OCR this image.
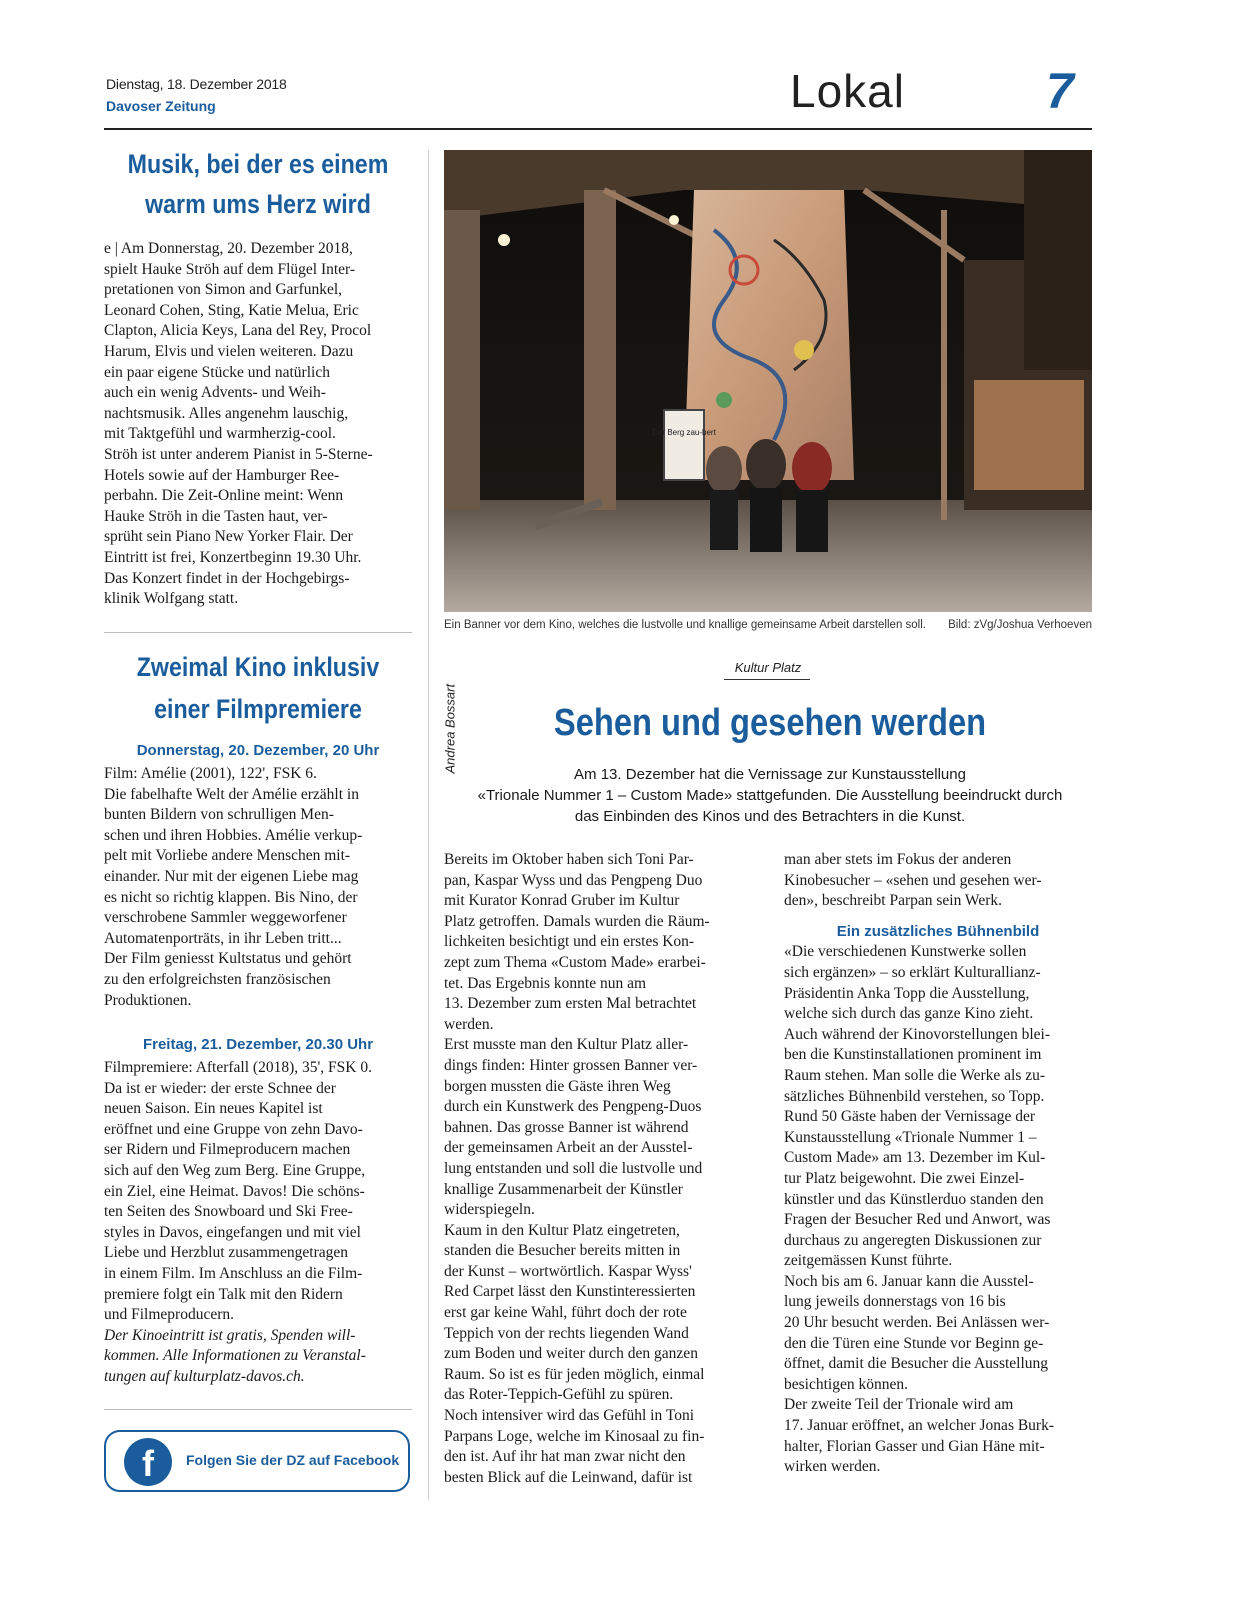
Dienstag, 18. Dezember 2018
Davoser Zeitung	Lokal	7
Musik, bei der es einem
warm ums Herz wird

e | Am Donnerstag, 20. Dezember 2018,

spielt Hauke Ströh auf dem Flügel Inter-

pretationen von Simon and Garfunkel,

Leonard Cohen, Sting, Katie Melua, Eric

Clapton, Alicia Keys, Lana del Rey, Procol

Harum, Elvis und vielen weiteren. Dazu

ein paar eigene Stücke und natürlich

auch ein wenig Advents- und Weih-

nachtsmusik. Alles angenehm lauschig,

mit Taktgefühl und warmherzig-cool.

Ströh ist unter anderem Pianist in 5-Sterne-

Hotels sowie auf der Hamburger Ree-

perbahn. Die Zeit-Online meint: Wenn

Hauke Ströh in die Tasten haut, ver-

sprüht sein Piano New Yorker Flair. Der

Eintritt ist frei, Konzertbeginn 19.30 Uhr.

Das Konzert findet in der Hochgebirgs-

klinik Wolfgang statt.

Zweimal Kino inklusiv
einer Filmpremiere
Donnerstag, 20. Dezember, 20 Uhr

Film: Amélie (2001), 122', FSK 6.

Die fabelhafte Welt der Amélie erzählt in

bunten Bildern von schrulligen Men-

schen und ihren Hobbies. Amélie verkup-

pelt mit Vorliebe andere Menschen mit-

einander. Nur mit der eigenen Liebe mag

es nicht so richtig klappen. Bis Nino, der

verschrobene Sammler weggeworfener

Automatenporträts, in ihr Leben tritt...

Der Film geniesst Kultstatus und gehört

zu den erfolgreichsten französischen

Produktionen.

Freitag, 21. Dezember, 20.30 Uhr

Filmpremiere: Afterfall (2018), 35', FSK 0.

Da ist er wieder: der erste Schnee der

neuen Saison. Ein neues Kapitel ist

eröffnet und eine Gruppe von zehn Davo-

ser Ridern und Filmeproducern machen

sich auf den Weg zum Berg. Eine Gruppe,

ein Ziel, eine Heimat. Davos! Die schöns-

ten Seiten des Snowboard und Ski Free-

styles in Davos, eingefangen und mit viel

Liebe und Herzblut zusammengetragen

in einem Film. Im Anschluss an die Film-

premiere folgt ein Talk mit den Ridern

und Filmeproducern.

Der Kinoeintritt ist gratis, Spenden will-

kommen. Alle Informationen zu Veranstal-

tungen auf kulturplatz-davos.ch.

f	Folgen Sie der DZ auf Facebook
Der Berg zau-bert
Ein Banner vor dem Kino, welches die lustvolle und knallige gemeinsame Arbeit darstellen soll.	Bild: zVg/Joshua Verhoeven
Andrea Bossart
Kultur Platz
Sehen und gesehen werden

Am 13. Dezember hat die Vernissage zur Kunstausstellung

«Trionale Nummer 1 – Custom Made» stattgefunden. Die Ausstellung beeindruckt durch

das Einbinden des Kinos und des Betrachters in die Kunst.

Bereits im Oktober haben sich Toni Par-

pan, Kaspar Wyss und das Pengpeng Duo

mit Kurator Konrad Gruber im Kultur

Platz getroffen. Damals wurden die Räum-

lichkeiten besichtigt und ein erstes Kon-

zept zum Thema «Custom Made» erarbei-

tet. Das Ergebnis konnte nun am

13. Dezember zum ersten Mal betrachtet

werden.

Erst musste man den Kultur Platz aller-

dings finden: Hinter grossen Banner ver-

borgen mussten die Gäste ihren Weg

durch ein Kunstwerk des Pengpeng-Duos

bahnen. Das grosse Banner ist während

der gemeinsamen Arbeit an der Ausstel-

lung entstanden und soll die lustvolle und

knallige Zusammenarbeit der Künstler

widerspiegeln.

Kaum in den Kultur Platz eingetreten,

standen die Besucher bereits mitten in

der Kunst – wortwörtlich. Kaspar Wyss'

Red Carpet lässt den Kunstinteressierten

erst gar keine Wahl, führt doch der rote

Teppich von der rechts liegenden Wand

zum Boden und weiter durch den ganzen

Raum. So ist es für jeden möglich, einmal

das Roter-Teppich-Gefühl zu spüren.

Noch intensiver wird das Gefühl in Toni

Parpans Loge, welche im Kinosaal zu fin-

den ist. Auf ihr hat man zwar nicht den

besten Blick auf die Leinwand, dafür ist

man aber stets im Fokus der anderen

Kinobesucher – «sehen und gesehen wer-

den», beschreibt Parpan sein Werk.

Ein zusätzliches Bühnenbild

«Die verschiedenen Kunstwerke sollen

sich ergänzen» – so erklärt Kulturallianz-

Präsidentin Anka Topp die Ausstellung,

welche sich durch das ganze Kino zieht.

Auch während der Kinovorstellungen blei-

ben die Kunstinstallationen prominent im

Raum stehen. Man solle die Werke als zu-

sätzliches Bühnenbild verstehen, so Topp.

Rund 50 Gäste haben der Vernissage der

Kunstausstellung «Trionale Nummer 1 –

Custom Made» am 13. Dezember im Kul-

tur Platz beigewohnt. Die zwei Einzel-

künstler und das Künstlerduo standen den

Fragen der Besucher Red und Anwort, was

durchaus zu angeregten Diskussionen zur

zeitgemässen Kunst führte.

Noch bis am 6. Januar kann die Ausstel-

lung jeweils donnerstags von 16 bis

20 Uhr besucht werden. Bei Anlässen wer-

den die Türen eine Stunde vor Beginn ge-

öffnet, damit die Besucher die Ausstellung

besichtigen können.

Der zweite Teil der Trionale wird am

17. Januar eröffnet, an welcher Jonas Burk-

halter, Florian Gasser und Gian Häne mit-

wirken werden.
